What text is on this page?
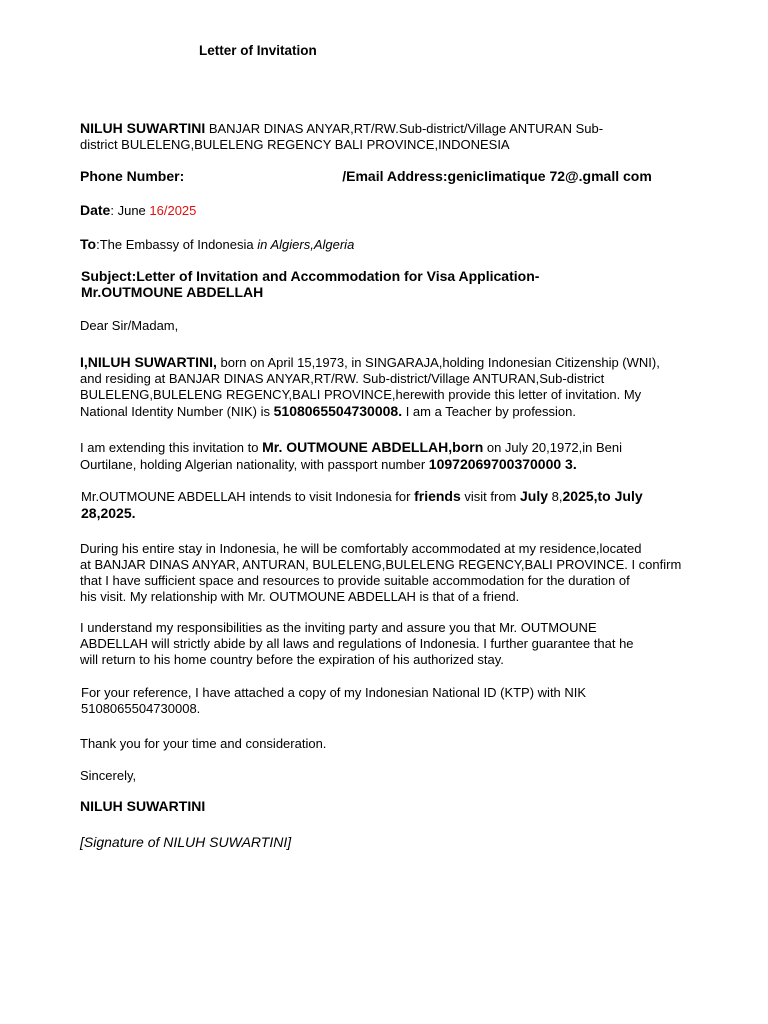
Letter of Invitation
NILUH SUWARTINI BANJAR DINAS ANYAR,RT/RW.Sub-district/Village ANTURAN Sub-
district BULELENG,BULELENG REGENCY BALI PROVINCE,INDONESIA
Phone Number:	/Email Address:genicIimatique 72@.gmall com
Date: June 16/2025
To:The Embassy of Indonesia in Algiers,Algeria
Subject:Letter of Invitation and Accommodation for Visa Application-
Mr.OUTMOUNE ABDELLAH
Dear Sir/Madam,
I,NILUH SUWARTINI, born on April 15,1973, in SINGARAJA,holding Indonesian Citizenship (WNI),
and residing at BANJAR DINAS ANYAR,RT/RW. Sub-district/Village ANTURAN,Sub-district
BULELENG,BULELENG REGENCY,BALI PROVINCE,herewith provide this letter of invitation. My
National Identity Number (NIK) is 5108065504730008. I am a Teacher by profession.
I am extending this invitation to Mr. OUTMOUNE ABDELLAH,born on July 20,1972,in Beni
Ourtilane, holding Algerian nationality, with passport number 10972069700370000 3.
Mr.OUTMOUNE ABDELLAH intends to visit Indonesia for friends visit from July 8,2025,to July
28,2025.
During his entire stay in Indonesia, he will be comfortably accommodated at my residence,located
at BANJAR DINAS ANYAR, ANTURAN, BULELENG,BULELENG REGENCY,BALI PROVINCE. I confirm
that I have sufficient space and resources to provide suitable accommodation for the duration of
his visit. My relationship with Mr. OUTMOUNE ABDELLAH is that of a friend.
I understand my responsibilities as the inviting party and assure you that Mr. OUTMOUNE
ABDELLAH will strictly abide by all laws and regulations of Indonesia. I further guarantee that he
will return to his home country before the expiration of his authorized stay.
For your reference, I have attached a copy of my Indonesian National ID (KTP) with NIK
5108065504730008.
Thank you for your time and consideration.
Sincerely,
NILUH SUWARTINI
[Signature of NILUH SUWARTINI]
